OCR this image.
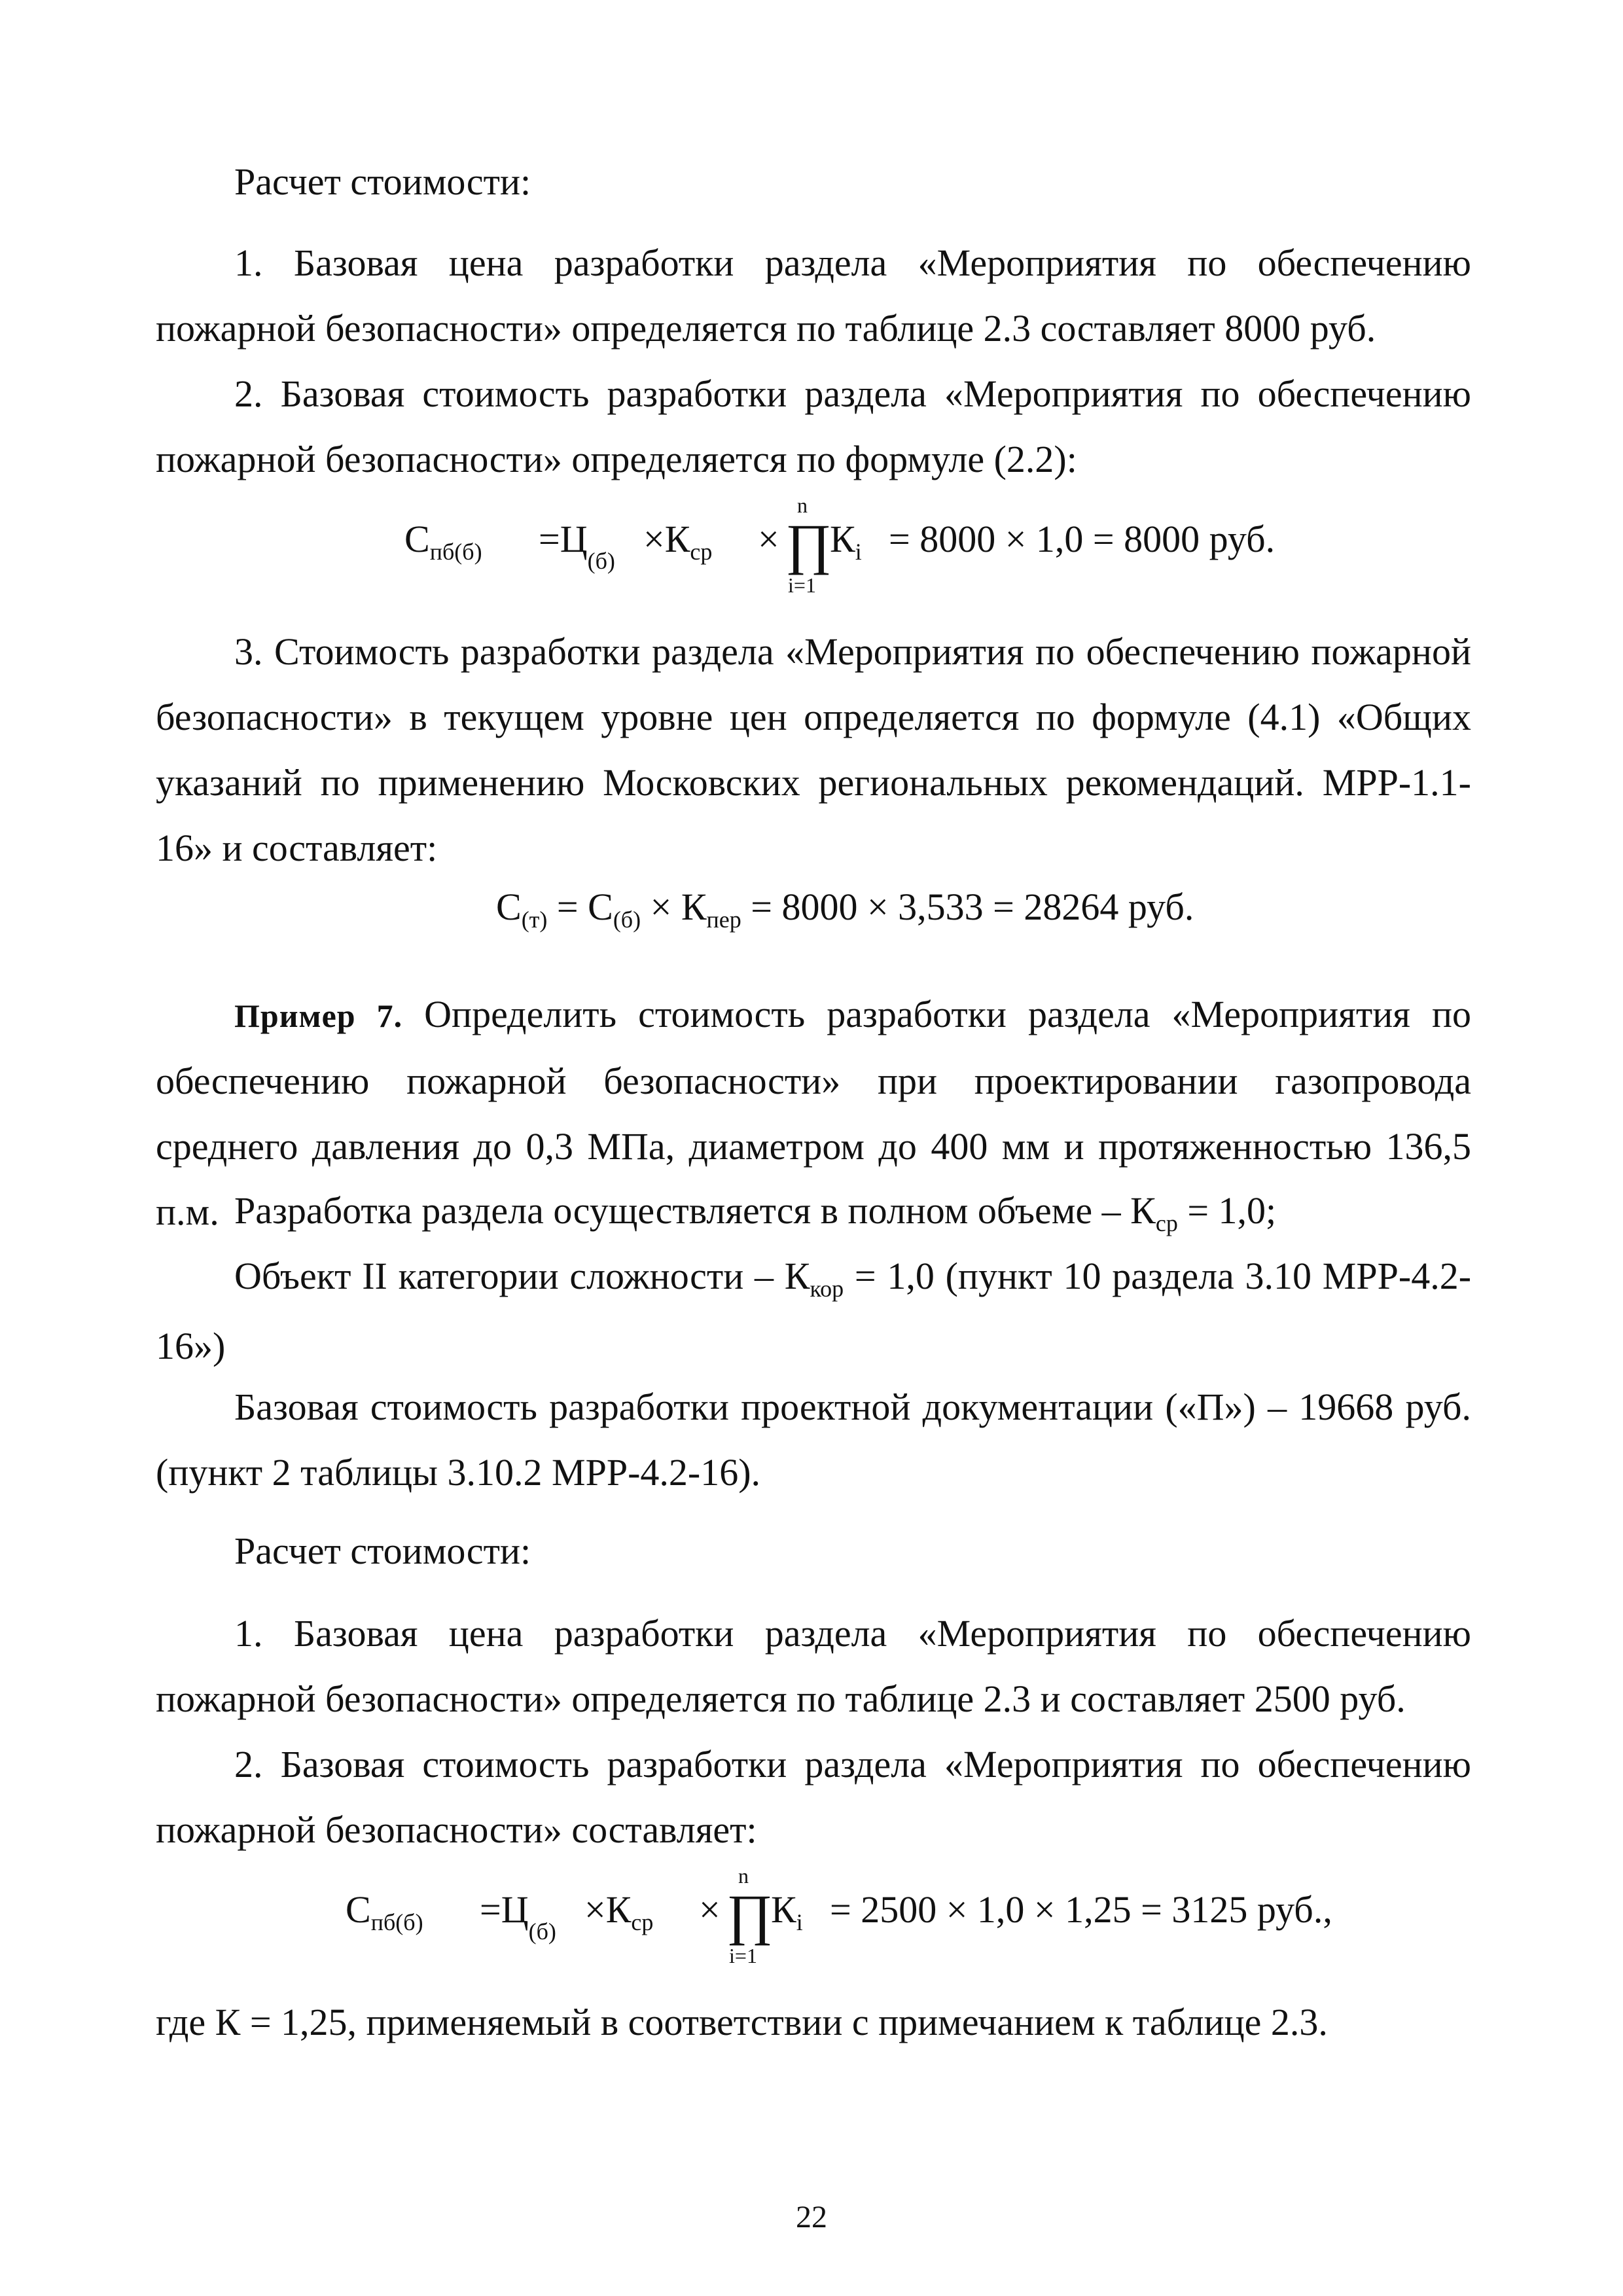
Расчет стоимости:

1. Базовая цена разработки раздела «Мероприятия по обеспечению пожарной безопасности» определяется по таблице 2.3 составляет 8000 руб.

2. Базовая стоимость разработки раздела «Мероприятия по обеспечению пожарной безопасности» определяется по формуле (2.2):

$С_{пб(б)} =Ц_{(б)}$
$\times К_{ср}$ ×
n
∏
i=1
$К_i = 8000 \times 1,0 = 8000$ руб.

3. Стоимость разработки раздела «Мероприятия по обеспечению пожарной безопасности» в текущем уровне цен определяется по формуле (4.1) «Общих указаний по применению Московских региональных рекомендаций. МРР-1.1-16» и составляет:

$С_{(т)} = С_{(б)} \times К_{пер} = 8000 \times 3,533 = 28264$ руб.

Пример 7. Определить стоимость разработки раздела «Мероприятия по обеспечению пожарной безопасности» при проектировании газопровода среднего давления до 0,3 МПа, диаметром до 400 мм и протяженностью 136,5 п.м. Разработка раздела осуществляется в полном объеме – $К_{ср} = 1,0$;

Объект II категории сложности – $К_{кор} = 1,0$ (пункт 10 раздела 3.10 МРР-4.2-16»)

Базовая стоимость разработки проектной документации («П») – 19668 руб. (пункт 2 таблицы 3.10.2 МРР-4.2-16).

Расчет стоимости:

1. Базовая цена разработки раздела «Мероприятия по обеспечению пожарной безопасности» определяется по таблице 2.3 и составляет 2500 руб.

2. Базовая стоимость разработки раздела «Мероприятия по обеспечению пожарной безопасности» составляет:

$С_{пб(б)} =Ц_{(б)}$
$\times К_{ср}$ ×
n
∏
i=1
$К_i = 2500 \times 1,0 \times 1,25 = 3125$ руб.,

где К = 1,25, применяемый в соответствии с примечанием к таблице 2.3.

22
